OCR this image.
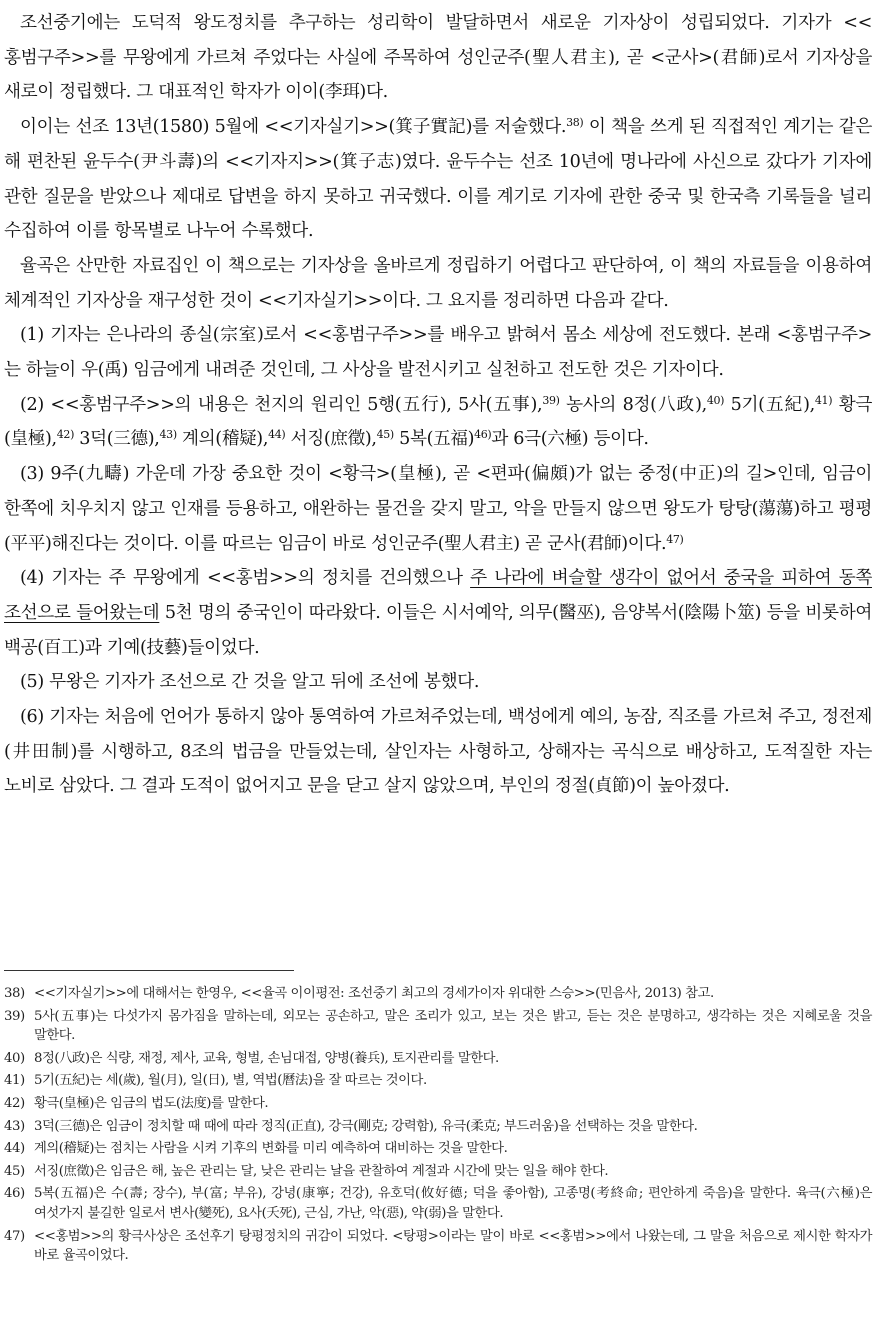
조선중기에는 도덕적 왕도정치를 추구하는 성리학이 발달하면서 새로운 기자상이 성립되었다. 기자가 <<홍범구주>>를 무왕에게 가르쳐 주었다는 사실에 주목하여 성인군주(聖人君主), 곧 <군사>(君師)로서 기자상을 새로이 정립했다. 그 대표적인 학자가 이이(李珥)다.

이이는 선조 13년(1580) 5월에 <<기자실기>>(箕子實記)를 저술했다.$^{38)}$ 이 책을 쓰게 된 직접적인 계기는 같은 해 편찬된 윤두수(尹斗壽)의 <<기자지>>(箕子志)였다. 윤두수는 선조 10년에 명나라에 사신으로 갔다가 기자에 관한 질문을 받았으나 제대로 답변을 하지 못하고 귀국했다. 이를 계기로 기자에 관한 중국 및 한국측 기록들을 널리 수집하여 이를 항목별로 나누어 수록했다.

율곡은 산만한 자료집인 이 책으로는 기자상을 올바르게 정립하기 어렵다고 판단하여, 이 책의 자료들을 이용하여 체계적인 기자상을 재구성한 것이 <<기자실기>>이다. 그 요지를 정리하면 다음과 같다.

(1) 기자는 은나라의 종실(宗室)로서 <<홍범구주>>를 배우고 밝혀서 몸소 세상에 전도했다. 본래 <홍범구주>는 하늘이 우(禹) 임금에게 내려준 것인데, 그 사상을 발전시키고 실천하고 전도한 것은 기자이다.

(2) <<홍범구주>>의 내용은 천지의 원리인 5행(五行), 5사(五事),$^{39)}$ 농사의 8정(八政),$^{40)}$ 5기(五紀),$^{41)}$ 황극(皇極),$^{42)}$ 3덕(三德),$^{43)}$ 계의(稽疑),$^{44)}$ 서징(庶徵),$^{45)}$ 5복(五福)$^{46)}$과 6극(六極) 등이다.

(3) 9주(九疇) 가운데 가장 중요한 것이 <황극>(皇極), 곧 <편파(偏頗)가 없는 중정(中正)의 길>인데, 임금이 한쪽에 치우치지 않고 인재를 등용하고, 애완하는 물건을 갖지 말고, 악을 만들지 않으면 왕도가 탕탕(蕩蕩)하고 평평(平平)해진다는 것이다. 이를 따르는 임금이 바로 성인군주(聖人君主) 곧 군사(君師)이다.$^{47)}$

(4) 기자는 주 무왕에게 <<홍범>>의 정치를 건의했으나 주 나라에 벼슬할 생각이 없어서 중국을 피하여 동쪽 조선으로 들어왔는데 5천 명의 중국인이 따라왔다. 이들은 시서예악, 의무(醫巫), 음양복서(陰陽卜筮) 등을 비롯하여 백공(百工)과 기예(技藝)들이었다.

(5) 무왕은 기자가 조선으로 간 것을 알고 뒤에 조선에 봉했다.

(6) 기자는 처음에 언어가 통하지 않아 통역하여 가르쳐주었는데, 백성에게 예의, 농잠, 직조를 가르쳐 주고, 정전제(井田制)를 시행하고, 8조의 법금을 만들었는데, 살인자는 사형하고, 상해자는 곡식으로 배상하고, 도적질한 자는 노비로 삼았다. 그 결과 도적이 없어지고 문을 닫고 살지 않았으며, 부인의 정절(貞節)이 높아졌다.

38) <<기자실기>>에 대해서는 한영우, <<율곡 이이평전: 조선중기 최고의 경세가이자 위대한 스승>>(민음사, 2013) 참고.
39) 5사(五事)는 다섯가지 몸가짐을 말하는데, 외모는 공손하고, 말은 조리가 있고, 보는 것은 밝고, 듣는 것은 분명하고, 생각하는 것은 지혜로울 것을 말한다.
40) 8정(八政)은 식량, 재정, 제사, 교육, 형벌, 손님대접, 양병(養兵), 토지관리를 말한다.
41) 5기(五紀)는 세(歲), 월(月), 일(日), 별, 역법(曆法)을 잘 따르는 것이다.
42) 황극(皇極)은 임금의 법도(法度)를 말한다.
43) 3덕(三德)은 임금이 정치할 때 때에 따라 정직(正直), 강극(剛克; 강력함), 유극(柔克; 부드러움)을 선택하는 것을 말한다.
44) 계의(稽疑)는 점치는 사람을 시켜 기후의 변화를 미리 예측하여 대비하는 것을 말한다.
45) 서징(庶徵)은 임금은 해, 높은 관리는 달, 낮은 관리는 날을 관찰하여 계절과 시간에 맞는 일을 해야 한다.
46) 5복(五福)은 수(壽; 장수), 부(富; 부유), 강녕(康寧; 건강), 유호덕(攸好德; 덕을 좋아함), 고종명(考終命; 편안하게 죽음)을 말한다. 육극(六極)은 여섯가지 불길한 일로서 변사(變死), 요사(夭死), 근심, 가난, 악(惡), 약(弱)을 말한다.
47) <<홍범>>의 황극사상은 조선후기 탕평정치의 귀감이 되었다. <탕평>이라는 말이 바로 <<홍범>>에서 나왔는데, 그 말을 처음으로 제시한 학자가 바로 율곡이었다.
